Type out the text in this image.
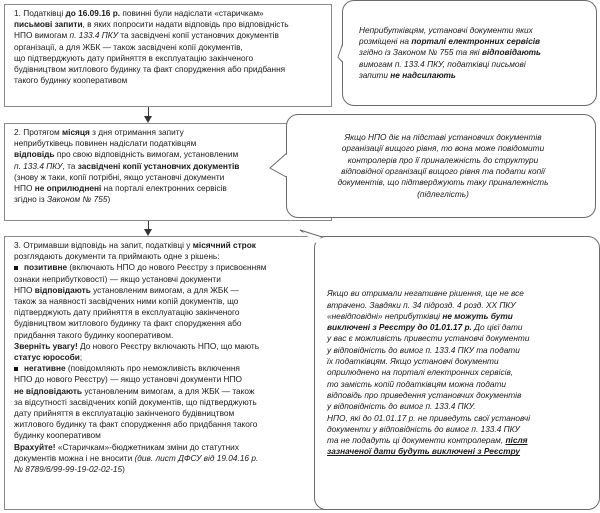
1. Податківці до 16.09.16 р. повинні були надіслати «старичкам»
письмові запити, в яких попросити надати відповідь про відповідність
НПО вимогам п. 133.4 ПКУ та засвідчені копії установчих документів
організації, а для ЖБК — також засвідчені копії документів,
що підтверджують дату прийняття в експлуатацію закінченого
будівництвом житлового будинку та факт спорудження або придбання
такого будинку кооперативом
2. Протягом місяця з дня отримання запиту
неприбутківець повинен надіслати податківцям
відповідь про свою відповідність вимогам, установленим
п. 133.4 ПКУ, та засвідчені копії установчих документів
(знову ж таки, копії потрібні, якщо установчі документи
НПО не оприлюднені на порталі електронних сервісів
згідно із Законом № 755)
3. Отримавши відповідь на запит, податківці у місячний строк
розглядають документи та приймають одне з рішень:
позитивне (включають НПО до нового Реєстру з присвоєнням
ознаки неприбутковості) — якщо установчі документи
НПО відповідають установленим вимогам, а для ЖБК —
також за наявності засвідчених ними копій документів, що
підтверджують дату прийняття в експлуатацію закінченого
будівництвом житлового будинку та факт спорудження або
придбання такого будинку кооперативом.
Зверніть увагу! До нового Реєстру включають НПО, що мають
статус юрособи;
негативне (повідомляють про неможливість включення
НПО до нового Реєстру) — якщо установчі документи НПО
не відповідають установленим вимогам, а для ЖБК — також
за відсутності засвідчених копій документів, що підтверджують
дату прийняття в експлуатацію закінченого будівництвом
житлового будинку та факт спорудження або придбання такого
будинку кооперативом
Врахуйте! «Старичкам»-бюджетникам зміни до статутних
документів можна і не вносити (див. лист ДФСУ від 19.04.16 р.
№ 8789/6/99-99-19-02-02-15)
Неприбутківцям, установчі документи яких
розміщені на порталі електронних сервісів
згідно із Законом № 755 та які відповідають
вимогам п. 133.4 ПКУ, податківці письмові
запити не надсилають
Якщо НПО діє на підставі установчих документів
організації вищого рівня, то вона може повідомити
контролерів про її приналежність до структури
відповідної організації вищого рівня та подати копії
документів, що підтверджують таку приналежність
(підлеглість)
Якщо ви отримали негативне рішення, ще не все
втрачено. Завдяки п. 34 підрозд. 4 розд. ХХ ПКУ
«невідповідні» неприбутківці не можуть бути
виключені з Реєстру до 01.01.17 р. До цієї дати
у вас є можливість привести установчі документи
у відповідність до вимог п. 133.4 ПКУ та подати
їх податківцям. Якщо установчі документи
оприлюднено на порталі електронних сервісів,
то замість копій податківцям можна подати
відповідь про приведення установчих документів
у відповідність до вимог п. 133.4 ПКУ.
НПО, які до 01.01.17 р. не приведуть свої установчі
документи у відповідність до вимог п. 133.4 ПКУ
та не подадуть ці документи контролерам, після
зазначеної дати будуть виключені з Реєстру
